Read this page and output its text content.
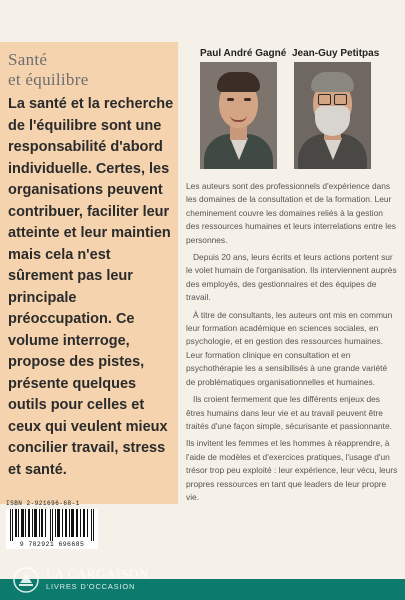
Santé
et équilibre
La santé et la recherche de l'équilibre sont une responsabilité d'abord individuelle. Certes, les organisations peuvent contribuer, faciliter leur atteinte et leur maintien mais cela n'est sûrement pas leur principale préoccupation. Ce volume interroge, propose des pistes, présente quelques outils pour celles et ceux qui veulent mieux concilier travail, stress et santé.
Paul André Gagné Jean-Guy Petitpas

Les auteurs sont des professionnels d'expérience dans les domaines de la consultation et de la formation. Leur cheminement couvre les domaines reliés à la gestion des ressources humaines et leurs interrelations entre les personnes.

Depuis 20 ans, leurs écrits et leurs actions portent sur le volet humain de l'organisation. Ils interviennent auprès des employés, des gestionnaires et des équipes de travail.

À titre de consultants, les auteurs ont mis en commun leur formation académique en sciences sociales, en psychologie, et en gestion des ressources humaines. Leur formation clinique en consultation et en psychothérapie les a sensibilisés à une grande variété de problématiques organisationnelles et humaines.

Ils croient fermement que les différents enjeux des êtres humains dans leur vie et au travail peuvent être traités d'une façon simple, sécurisante et passionnante.

Ils invitent les femmes et les hommes à réapprendre, à l'aide de modèles et d'exercices pratiques, l'usage d'un trésor trop peu exploité : leur expérience, leur vécu, leurs propres ressources en tant que leaders de leur propre vie.

ISBN 2-921696-68-1
9 782921 696685
LA CARGAISON
LIVRES D'OCCASION
